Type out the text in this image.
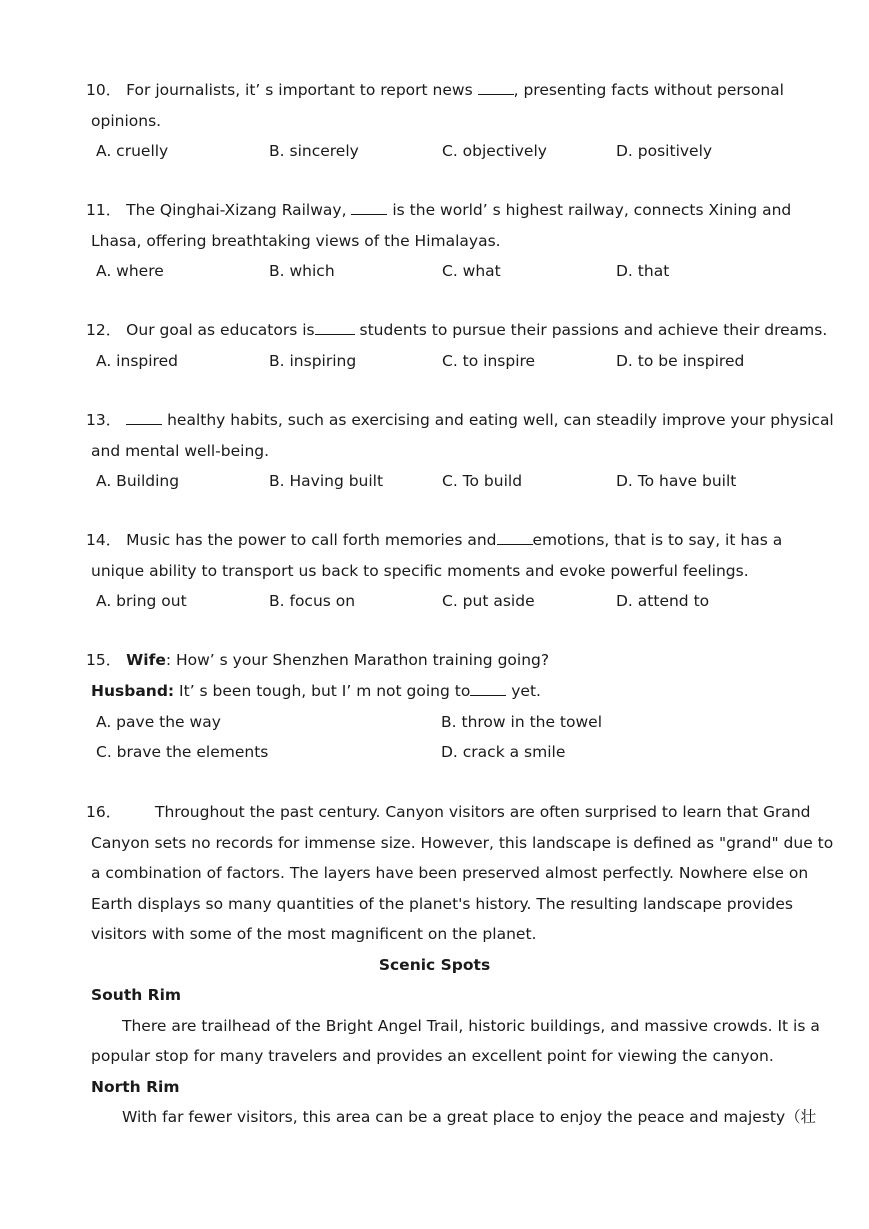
10． For journalists, it’ s important to report news , presenting facts without personal
opinions.
A. cruelly	B. sincerely	C. objectively	D. positively
11． The Qinghai-Xizang Railway,  is the world’ s highest railway, connects Xining and
Lhasa, offering breathtaking views of the Himalayas.
A. where	B. which	C. what	D. that
12． Our goal as educators is	students to pursue their passions and achieve their dreams.
A. inspired	B. inspiring	C. to inspire	D. to be inspired
13．	healthy habits, such as exercising and eating well, can steadily improve your physical
and mental well-being.
A. Building	B. Having built	C. To build	D. To have built
14． Music has the power to call forth memories and emotions, that is to say, it has a
unique ability to transport us back to specific moments and evoke powerful feelings.
A. bring out	B. focus on	C. put aside	D. attend to
15． Wife: How’ s your Shenzhen Marathon training going?
Husband: It’ s been tough, but I’ m not going to yet.
A. pave the way	B. throw in the towel
C. brave the elements	D. crack a smile
16． Throughout the past century. Canyon visitors are often surprised to learn that Grand
Canyon sets no records for immense size. However, this landscape is defined as "grand" due to
a combination of factors. The layers have been preserved almost perfectly. Nowhere else on
Earth displays so many quantities of the planet's history. The resulting landscape provides
visitors with some of the most magnificent on the planet.
Scenic Spots
South Rim
There are trailhead of the Bright Angel Trail, historic buildings, and massive crowds. It is a
popular stop for many travelers and provides an excellent point for viewing the canyon.
North Rim
With far fewer visitors, this area can be a great place to enjoy the peace and majesty（壮
